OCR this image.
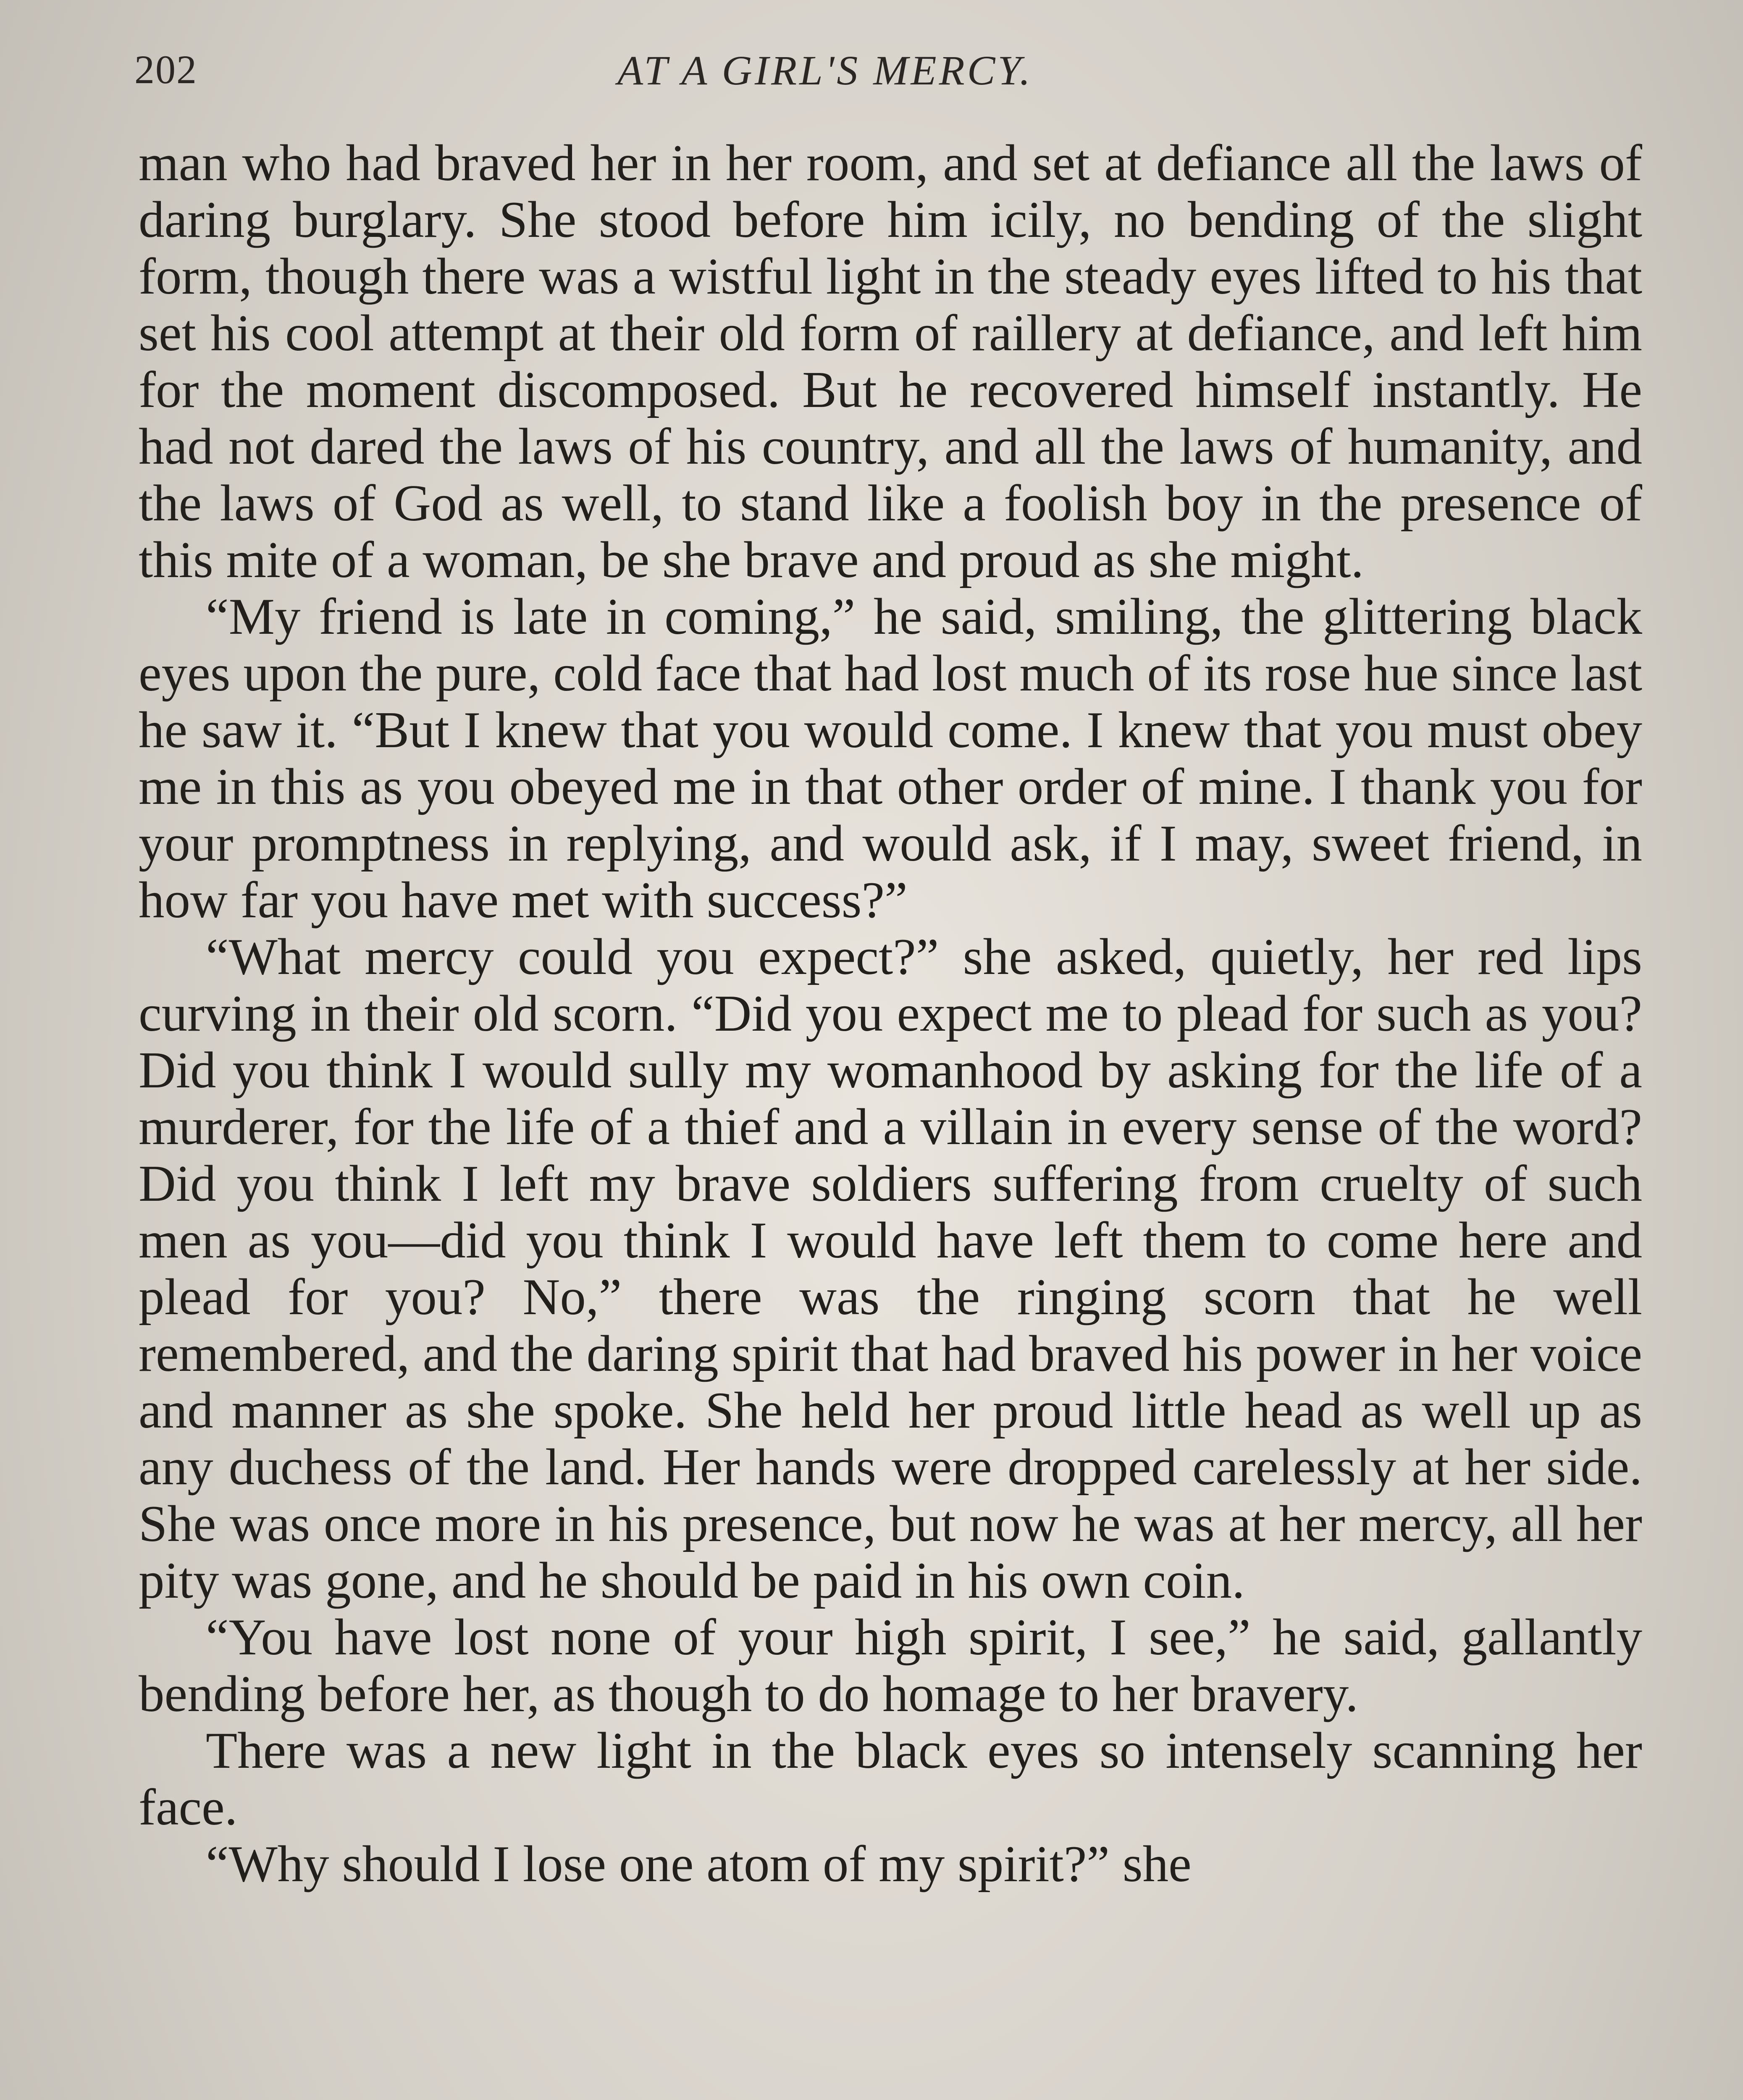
202	AT A GIRL'S MERCY.

man who had braved her in her room, and set at defiance all the laws of daring burglary. She stood before him icily, no bending of the slight form, though there was a wistful light in the steady eyes lifted to his that set his cool attempt at their old form of raillery at defiance, and left him for the moment discomposed. But he recovered himself instantly. He had not dared the laws of his country, and all the laws of humanity, and the laws of God as well, to stand like a foolish boy in the presence of this mite of a woman, be she brave and proud as she might.

“My friend is late in coming,” he said, smiling, the glittering black eyes upon the pure, cold face that had lost much of its rose hue since last he saw it. “But I knew that you would come. I knew that you must obey me in this as you obeyed me in that other order of mine. I thank you for your promptness in replying, and would ask, if I may, sweet friend, in how far you have met with success?”

“What mercy could you expect?” she asked, quietly, her red lips curving in their old scorn. “Did you expect me to plead for such as you? Did you think I would sully my womanhood by asking for the life of a murderer, for the life of a thief and a villain in every sense of the word? Did you think I left my brave soldiers suffering from cruelty of such men as you—did you think I would have left them to come here and plead for you? No,” there was the ringing scorn that he well remembered, and the daring spirit that had braved his power in her voice and manner as she spoke. She held her proud little head as well up as any duchess of the land. Her hands were dropped carelessly at her side. She was once more in his presence, but now he was at her mercy, all her pity was gone, and he should be paid in his own coin.

“You have lost none of your high spirit, I see,” he said, gallantly bending before her, as though to do homage to her bravery.

There was a new light in the black eyes so intensely scanning her face.

“Why should I lose one atom of my spirit?” she
